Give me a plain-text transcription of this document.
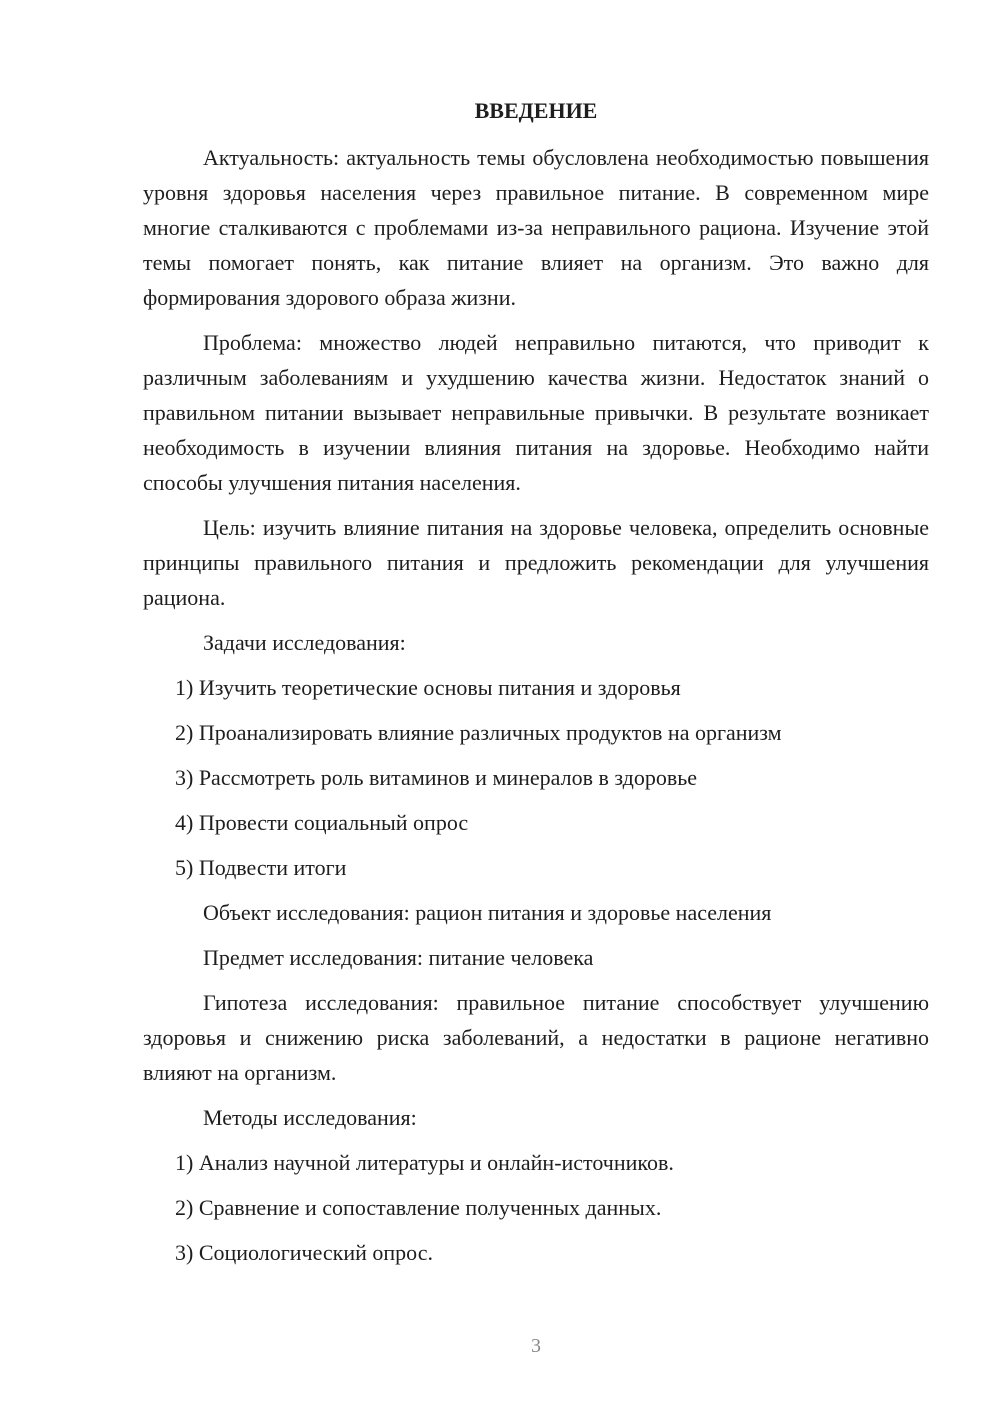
ВВЕДЕНИЕ

Актуальность: актуальность темы обусловлена необходимостью повышения уровня здоровья населения через правильное питание. В современном мире многие сталкиваются с проблемами из-за неправильного рациона. Изучение этой темы помогает понять, как питание влияет на организм. Это важно для формирования здорового образа жизни.

Проблема: множество людей неправильно питаются, что приводит к различным заболеваниям и ухудшению качества жизни. Недостаток знаний о правильном питании вызывает неправильные привычки. В результате возникает необходимость в изучении влияния питания на здоровье. Необходимо найти способы улучшения питания населения.

Цель: изучить влияние питания на здоровье человека, определить основные принципы правильного питания и предложить рекомендации для улучшения рациона.

Задачи исследования:
1) Изучить теоретические основы питания и здоровья
2) Проанализировать влияние различных продуктов на организм
3) Рассмотреть роль витаминов и минералов в здоровье
4) Провести социальный опрос
5) Подвести итоги
Объект исследования: рацион питания и здоровье населения
Предмет исследования: питание человека

Гипотеза исследования: правильное питание способствует улучшению здоровья и снижению риска заболеваний, а недостатки в рационе негативно влияют на организм.

Методы исследования:
1) Анализ научной литературы и онлайн-источников.
2) Сравнение и сопоставление полученных данных.
3) Социологический опрос.
3
